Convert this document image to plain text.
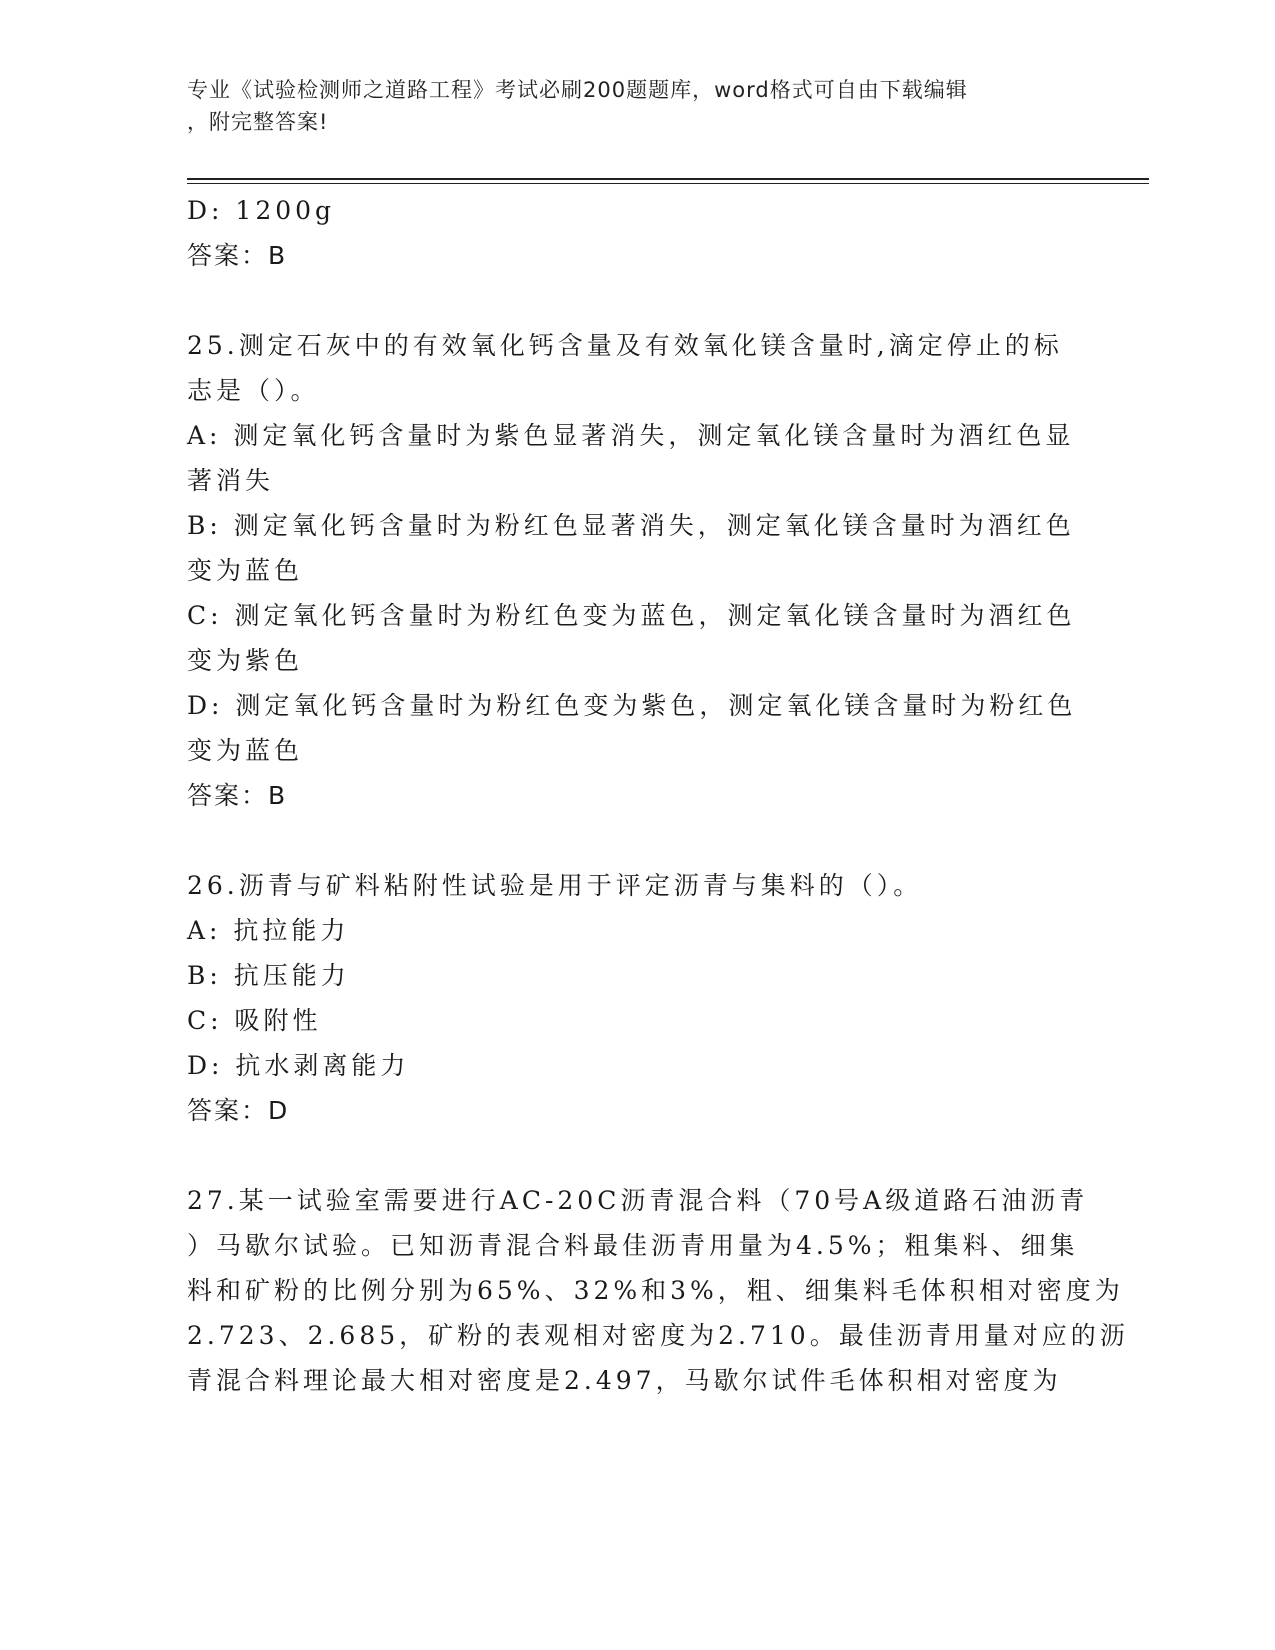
专业《试验检测师之道路工程》考试必刷200题题库，word格式可自由下载编辑
，附完整答案!
D: 1200g
答案：B
25.测定石灰中的有效氧化钙含量及有效氧化镁含量时,滴定停止的标
志是（）。
A: 测定氧化钙含量时为紫色显著消失，测定氧化镁含量时为酒红色显
著消失
B: 测定氧化钙含量时为粉红色显著消失，测定氧化镁含量时为酒红色
变为蓝色
C: 测定氧化钙含量时为粉红色变为蓝色，测定氧化镁含量时为酒红色
变为紫色
D: 测定氧化钙含量时为粉红色变为紫色，测定氧化镁含量时为粉红色
变为蓝色
答案：B
26.沥青与矿料粘附性试验是用于评定沥青与集料的（）。
A: 抗拉能力
B: 抗压能力
C: 吸附性
D: 抗水剥离能力
答案：D
27.某一试验室需要进行AC-20C沥青混合料（70号A级道路石油沥青
）马歇尔试验。已知沥青混合料最佳沥青用量为4.5%；粗集料、细集
料和矿粉的比例分别为65%、32%和3%，粗、细集料毛体积相对密度为
2.723、2.685，矿粉的表观相对密度为2.710。最佳沥青用量对应的沥
青混合料理论最大相对密度是2.497，马歇尔试件毛体积相对密度为
